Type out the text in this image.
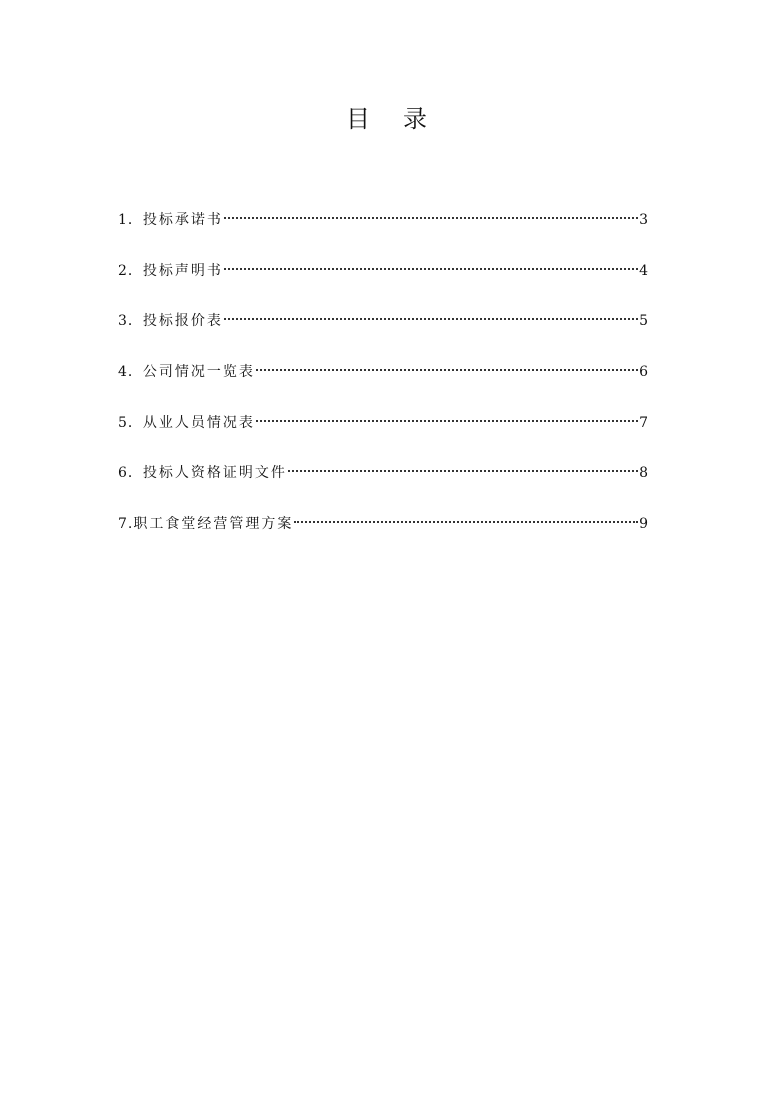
目 录
1． 投标承诺书	3
2． 投标声明书	4
3． 投标报价表	5
4． 公司情况一览表	6
5． 从业人员情况表	7
6． 投标人资格证明文件	8
7. 职工食堂经营管理方案	9
